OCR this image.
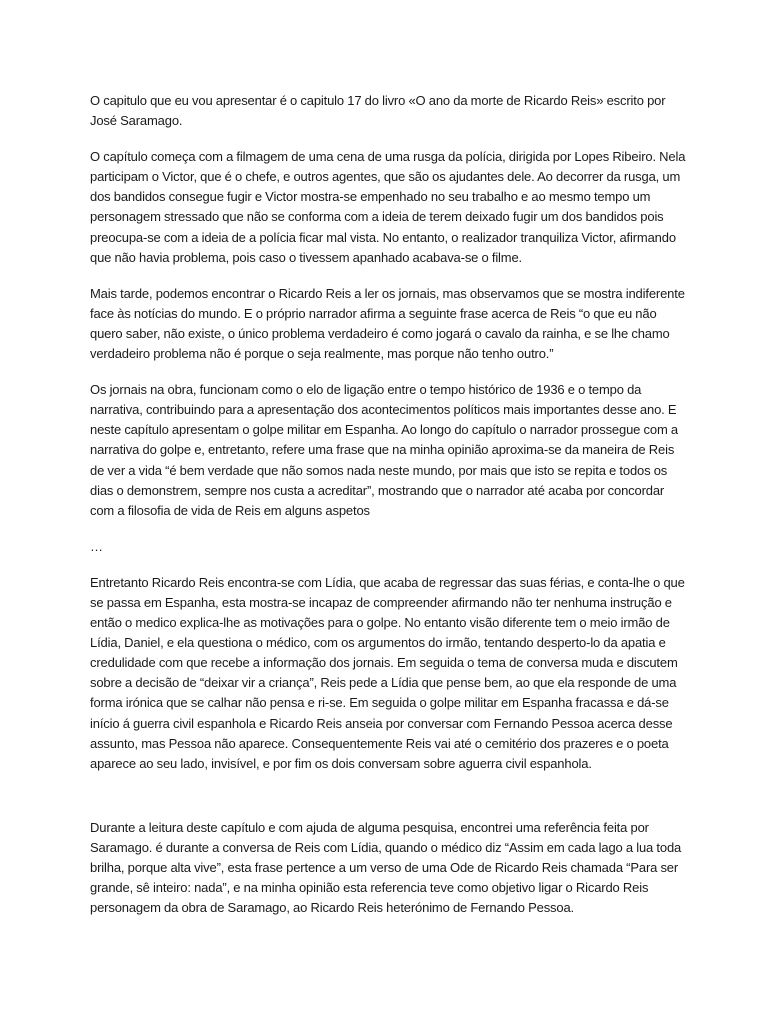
O capitulo que eu vou apresentar é o capitulo 17 do livro «O ano da morte de Ricardo Reis» escrito por José Saramago.

O capítulo começa com a filmagem de uma cena de uma rusga da polícia, dirigida por Lopes Ribeiro. Nela participam o Victor, que é o chefe, e outros agentes, que são os ajudantes dele. Ao decorrer da rusga, um dos bandidos consegue fugir e Victor mostra-se empenhado no seu trabalho e ao mesmo tempo um personagem stressado que não se conforma com a ideia de terem deixado fugir um dos bandidos pois preocupa-se com a ideia de a polícia ficar mal vista. No entanto, o realizador tranquiliza Victor, afirmando que não havia problema, pois caso o tivessem apanhado acabava-se o filme.

Mais tarde, podemos encontrar o Ricardo Reis a ler os jornais, mas observamos que se mostra indiferente face às notícias do mundo. E o próprio narrador afirma a seguinte frase acerca de Reis “o que eu não quero saber, não existe, o único problema verdadeiro é como jogará o cavalo da rainha, e se lhe chamo verdadeiro problema não é porque o seja realmente, mas porque não tenho outro.”

Os jornais na obra, funcionam como o elo de ligação entre o tempo histórico de 1936 e o tempo da narrativa, contribuindo para a apresentação dos acontecimentos políticos mais importantes desse ano. E neste capítulo apresentam o golpe militar em Espanha. Ao longo do capítulo o narrador prossegue com a narrativa do golpe e, entretanto, refere uma frase que na minha opinião aproxima-se da maneira de Reis de ver a vida “é bem verdade que não somos nada neste mundo, por mais que isto se repita e todos os dias o demonstrem, sempre nos custa a acreditar”, mostrando que o narrador até acaba por concordar com a filosofia de vida de Reis em alguns aspetos

…

Entretanto Ricardo Reis encontra-se com Lídia, que acaba de regressar das suas férias, e conta-lhe o que se passa em Espanha, esta mostra-se incapaz de compreender afirmando não ter nenhuma instrução e então o medico explica-lhe as motivações para o golpe. No entanto visão diferente tem o meio irmão de Lídia, Daniel, e ela questiona o médico, com os argumentos do irmão, tentando desperto-lo da apatia e credulidade com que recebe a informação dos jornais. Em seguida o tema de conversa muda e discutem sobre a decisão de “deixar vir a criança”, Reis pede a Lídia que pense bem, ao que ela responde de uma forma irónica que se calhar não pensa e ri-se. Em seguida o golpe militar em Espanha fracassa e dá-se início á guerra civil espanhola e Ricardo Reis anseia por conversar com Fernando Pessoa acerca desse assunto, mas Pessoa não aparece. Consequentemente Reis vai até o cemitério dos prazeres e o poeta aparece ao seu lado, invisível, e por fim os dois conversam sobre aguerra civil espanhola.

Durante a leitura deste capítulo e com ajuda de alguma pesquisa, encontrei uma referência feita por Saramago. é durante a conversa de Reis com Lídia, quando o médico diz “Assim em cada lago a lua toda brilha, porque alta vive”, esta frase pertence a um verso de uma Ode de Ricardo Reis chamada “Para ser grande, sê inteiro: nada”, e na minha opinião esta referencia teve como objetivo ligar o Ricardo Reis personagem da obra de Saramago, ao Ricardo Reis heterónimo de Fernando Pessoa.
